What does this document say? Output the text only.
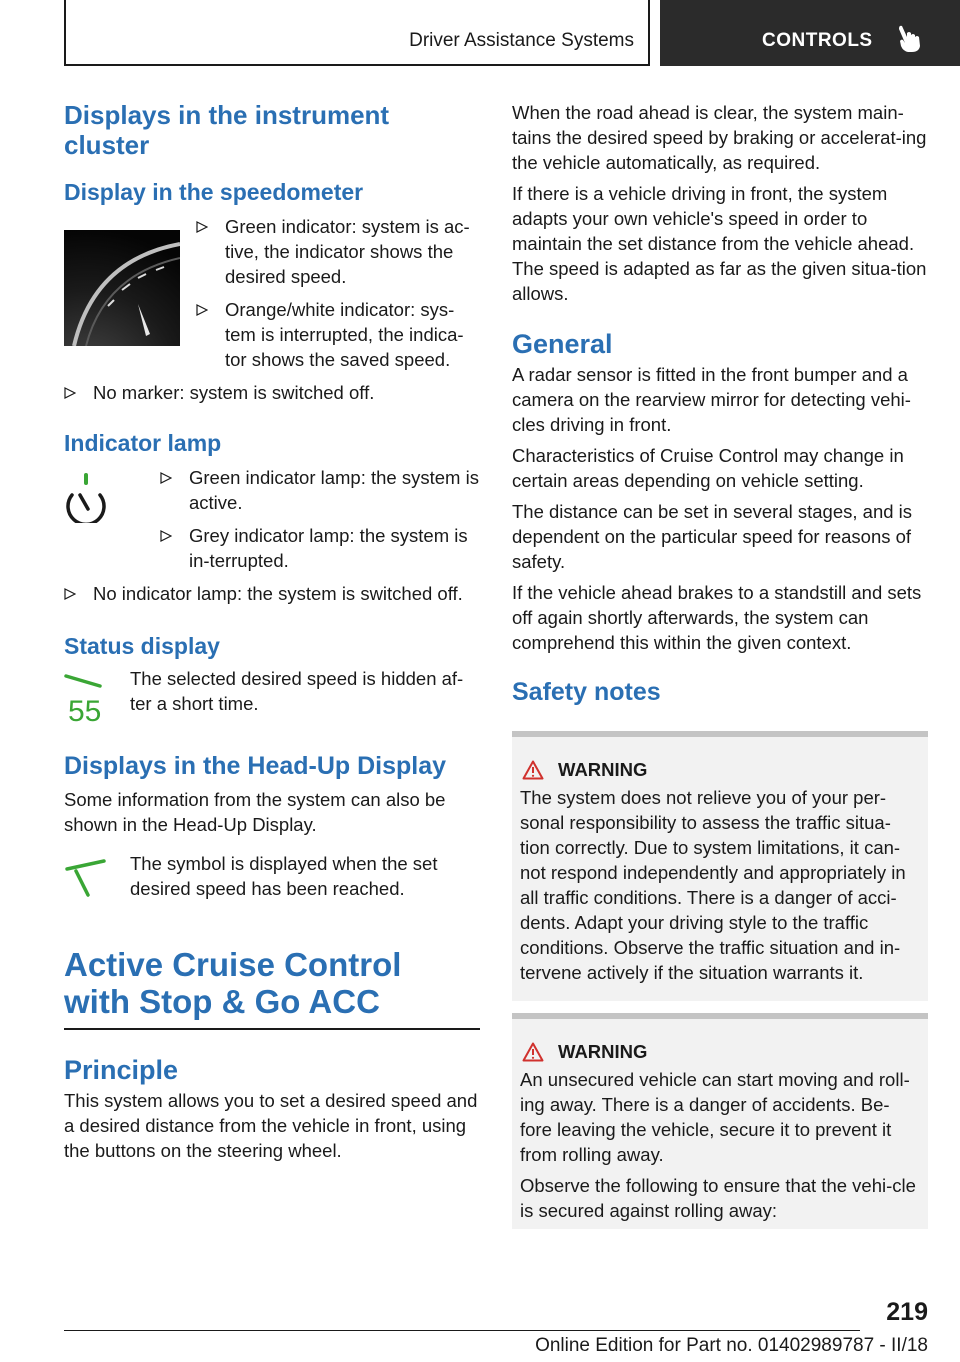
Driver Assistance Systems	CONTROLS
Displays in the instrument cluster
Display in the speedometer
Green indicator: system is ac-tive, the indicator shows the desired speed.
Orange/white indicator: sys-tem is interrupted, the indica-tor shows the saved speed.
No marker: system is switched off.
Indicator lamp
Green indicator lamp: the system is active.
Grey indicator lamp: the system is in-terrupted.
No indicator lamp: the system is switched off.
Status display
55

The selected desired speed is hidden af-ter a short time.

Displays in the Head-Up Display

Some information from the system can also be shown in the Head-Up Display.

The symbol is displayed when the set desired speed has been reached.

Active Cruise Control with Stop & Go ACC
Principle

This system allows you to set a desired speed and a desired distance from the vehicle in front, using the buttons on the steering wheel.

When the road ahead is clear, the system main-tains the desired speed by braking or accelerat-ing the vehicle automatically, as required.

If there is a vehicle driving in front, the system adapts your own vehicle's speed in order to maintain the set distance from the vehicle ahead. The speed is adapted as far as the given situa-tion allows.

General

A radar sensor is fitted in the front bumper and a camera on the rearview mirror for detecting vehi-cles driving in front.

Characteristics of Cruise Control may change in certain areas depending on vehicle setting.

The distance can be set in several stages, and is dependent on the particular speed for reasons of safety.

If the vehicle ahead brakes to a standstill and sets off again shortly afterwards, the system can comprehend this within the given context.

Safety notes
WARNING

The system does not relieve you of your per-sonal responsibility to assess the traffic situa-tion correctly. Due to system limitations, it can-not respond independently and appropriately in all traffic conditions. There is a danger of acci-dents. Adapt your driving style to the traffic conditions. Observe the traffic situation and in-tervene actively if the situation warrants it.

WARNING

An unsecured vehicle can start moving and roll-ing away. There is a danger of accidents. Be-fore leaving the vehicle, secure it to prevent it from rolling away.

Observe the following to ensure that the vehi-cle is secured against rolling away:

219
Online Edition for Part no. 01402989787 - II/18
